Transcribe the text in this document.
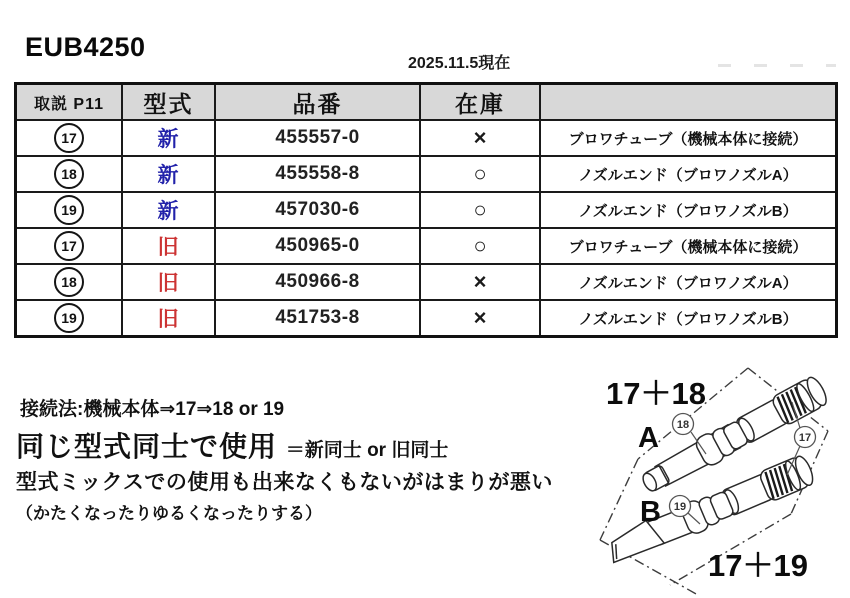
EUB4250
2025.11.5現在
取説 P11	型式	品番	在庫	
17	新	455557-0	×	ブロワチューブ（機械本体に接続）
18	新	455558-8	○	ノズルエンド（ブロワノズルA）
19	新	457030-6	○	ノズルエンド（ブロワノズルB）
17	旧	450965-0	○	ブロワチューブ（機械本体に接続）
18	旧	450966-8	×	ノズルエンド（ブロワノズルA）
19	旧	451753-8	×	ノズルエンド（ブロワノズルB）
接続法:機械本体⇒17⇒18 or 19
同じ型式同士で使用 ＝新同士 or 旧同士
型式ミックスでの使用も出来なくもないがはまりが悪い
（かたくなったりゆるくなったりする）
18
17
19
17＋18
A
B
17＋19
